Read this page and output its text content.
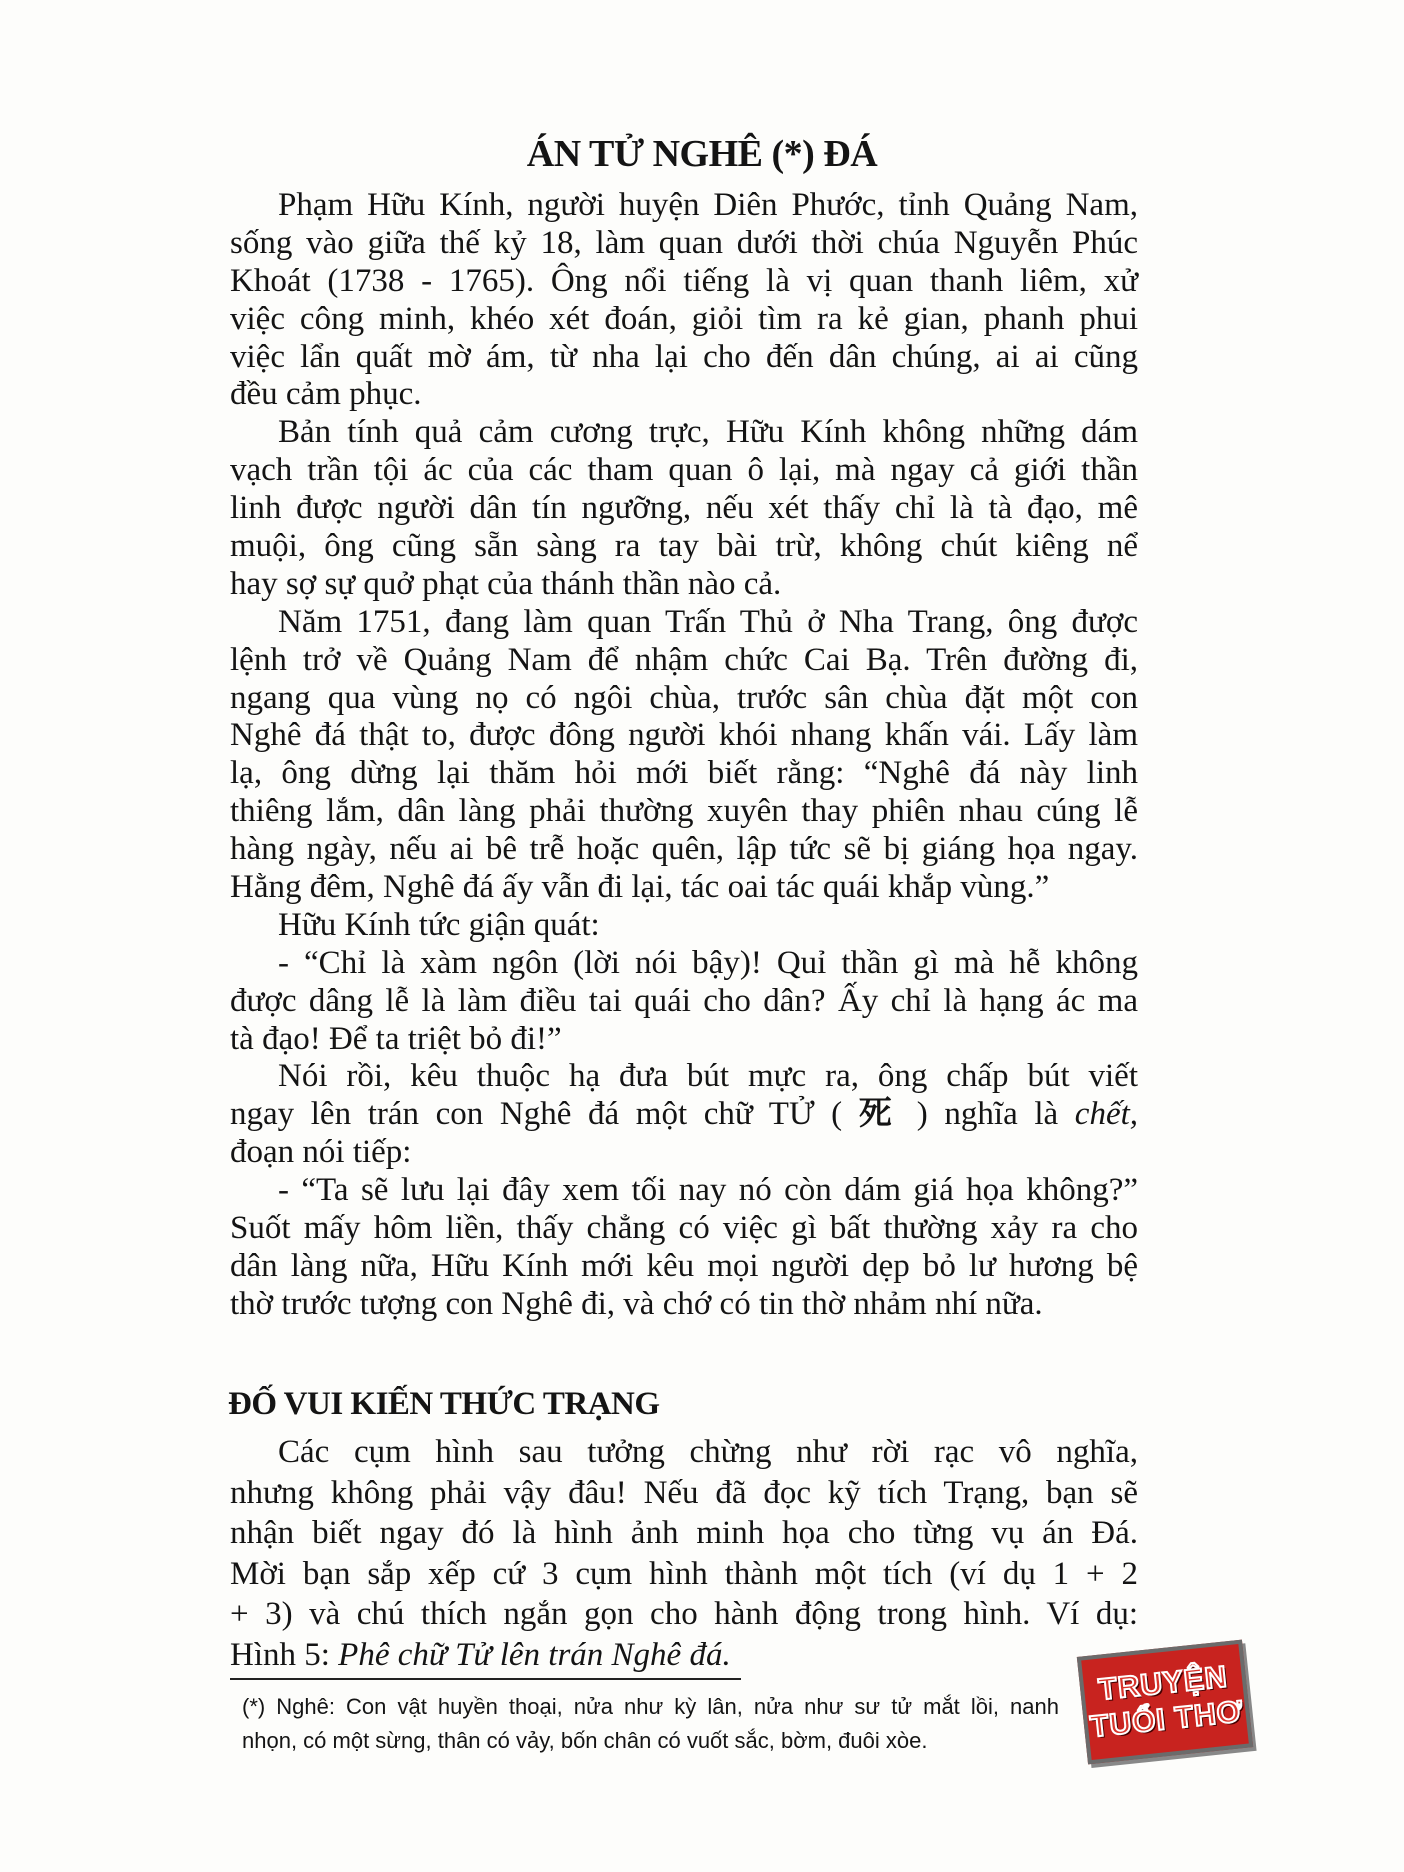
ÁN TỬ NGHÊ (*) ĐÁ
Phạm Hữu Kính, người huyện Diên Phước, tỉnh Quảng Nam,
sống vào giữa thế kỷ 18, làm quan dưới thời chúa Nguyễn Phúc
Khoát (1738 - 1765). Ông nổi tiếng là vị quan thanh liêm, xử
việc công minh, khéo xét đoán, giỏi tìm ra kẻ gian, phanh phui
việc lẩn quất mờ ám, từ nha lại cho đến dân chúng, ai ai cũng
đều cảm phục.
Bản tính quả cảm cương trực, Hữu Kính không những dám
vạch trần tội ác của các tham quan ô lại, mà ngay cả giới thần
linh được người dân tín ngưỡng, nếu xét thấy chỉ là tà đạo, mê
muội, ông cũng sẵn sàng ra tay bài trừ, không chút kiêng nể
hay sợ sự quở phạt của thánh thần nào cả.
Năm 1751, đang làm quan Trấn Thủ ở Nha Trang, ông được
lệnh trở về Quảng Nam để nhậm chức Cai Bạ. Trên đường đi,
ngang qua vùng nọ có ngôi chùa, trước sân chùa đặt một con
Nghê đá thật to, được đông người khói nhang khấn vái. Lấy làm
lạ, ông dừng lại thăm hỏi mới biết rằng: “Nghê đá này linh
thiêng lắm, dân làng phải thường xuyên thay phiên nhau cúng lễ
hàng ngày, nếu ai bê trễ hoặc quên, lập tức sẽ bị giáng họa ngay.
Hằng đêm, Nghê đá ấy vẫn đi lại, tác oai tác quái khắp vùng.”
Hữu Kính tức giận quát:
- “Chỉ là xàm ngôn (lời nói bậy)! Quỉ thần gì mà hễ không
được dâng lễ là làm điều tai quái cho dân? Ấy chỉ là hạng ác ma
tà đạo! Để ta triệt bỏ đi!”
Nói rồi, kêu thuộc hạ đưa bút mực ra, ông chấp bút viết
ngay lên trán con Nghê đá một chữ TỬ ( 死 ) nghĩa là chết,
đoạn nói tiếp:
- “Ta sẽ lưu lại đây xem tối nay nó còn dám giá họa không?”
Suốt mấy hôm liền, thấy chẳng có việc gì bất thường xảy ra cho
dân làng nữa, Hữu Kính mới kêu mọi người dẹp bỏ lư hương bệ
thờ trước tượng con Nghê đi, và chớ có tin thờ nhảm nhí nữa.
ĐỐ VUI KIẾN THỨC TRẠNG
Các cụm hình sau tưởng chừng như rời rạc vô nghĩa,
nhưng không phải vậy đâu! Nếu đã đọc kỹ tích Trạng, bạn sẽ
nhận biết ngay đó là hình ảnh minh họa cho từng vụ án Đá.
Mời bạn sắp xếp cứ 3 cụm hình thành một tích (ví dụ 1 + 2
+ 3) và chú thích ngắn gọn cho hành động trong hình. Ví dụ:
Hình 5: Phê chữ Tử lên trán Nghê đá.
(*) Nghê: Con vật huyền thoại, nửa như kỳ lân, nửa như sư tử mắt lồi, nanh
nhọn, có một sừng, thân có vảy, bốn chân có vuốt sắc, bờm, đuôi xòe.
TRUYỆN
TUỔI THƠ
